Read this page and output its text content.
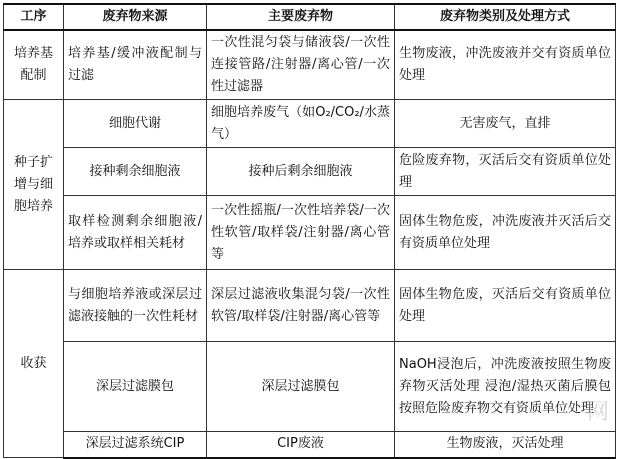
工序	废弃物来源	主要废弃物	废弃物类别及处理方式
培养基配制	培养基/缓冲液配制与过滤	一次性混匀袋与储液袋/一次性连接管路/注射器/离心管/一次性过滤器	生物废液，冲洗废液并交有资质单位处理
种子扩增与细胞培养	细胞代谢	细胞培养废气（如O₂/CO₂/水蒸气）	无害废气，直排
	接种剩余细胞液	接种后剩余细胞液	危险废弃物，灭活后交有资质单位处理
	取样检测剩余细胞液/培养或取样相关耗材	一次性摇瓶/一次性培养袋/一次性软管/取样袋/注射器/离心管等	固体生物危废，冲洗废液并灭活后交有资质单位处理
收获	与细胞培养液或深层过滤液接触的一次性耗材	深层过滤液收集混匀袋/一次性软管/取样袋/注射器/离心管等	固体生物危废，灭活后交有资质单位处理
	深层过滤膜包	深层过滤膜包	NaOH浸泡后，冲洗废液按照生物废弃物灭活处理 浸泡/湿热灭菌后膜包按照危险废弃物交有资质单位处理
	深层过滤系统CIP	CIP废液	生物废液，灭活处理
网
